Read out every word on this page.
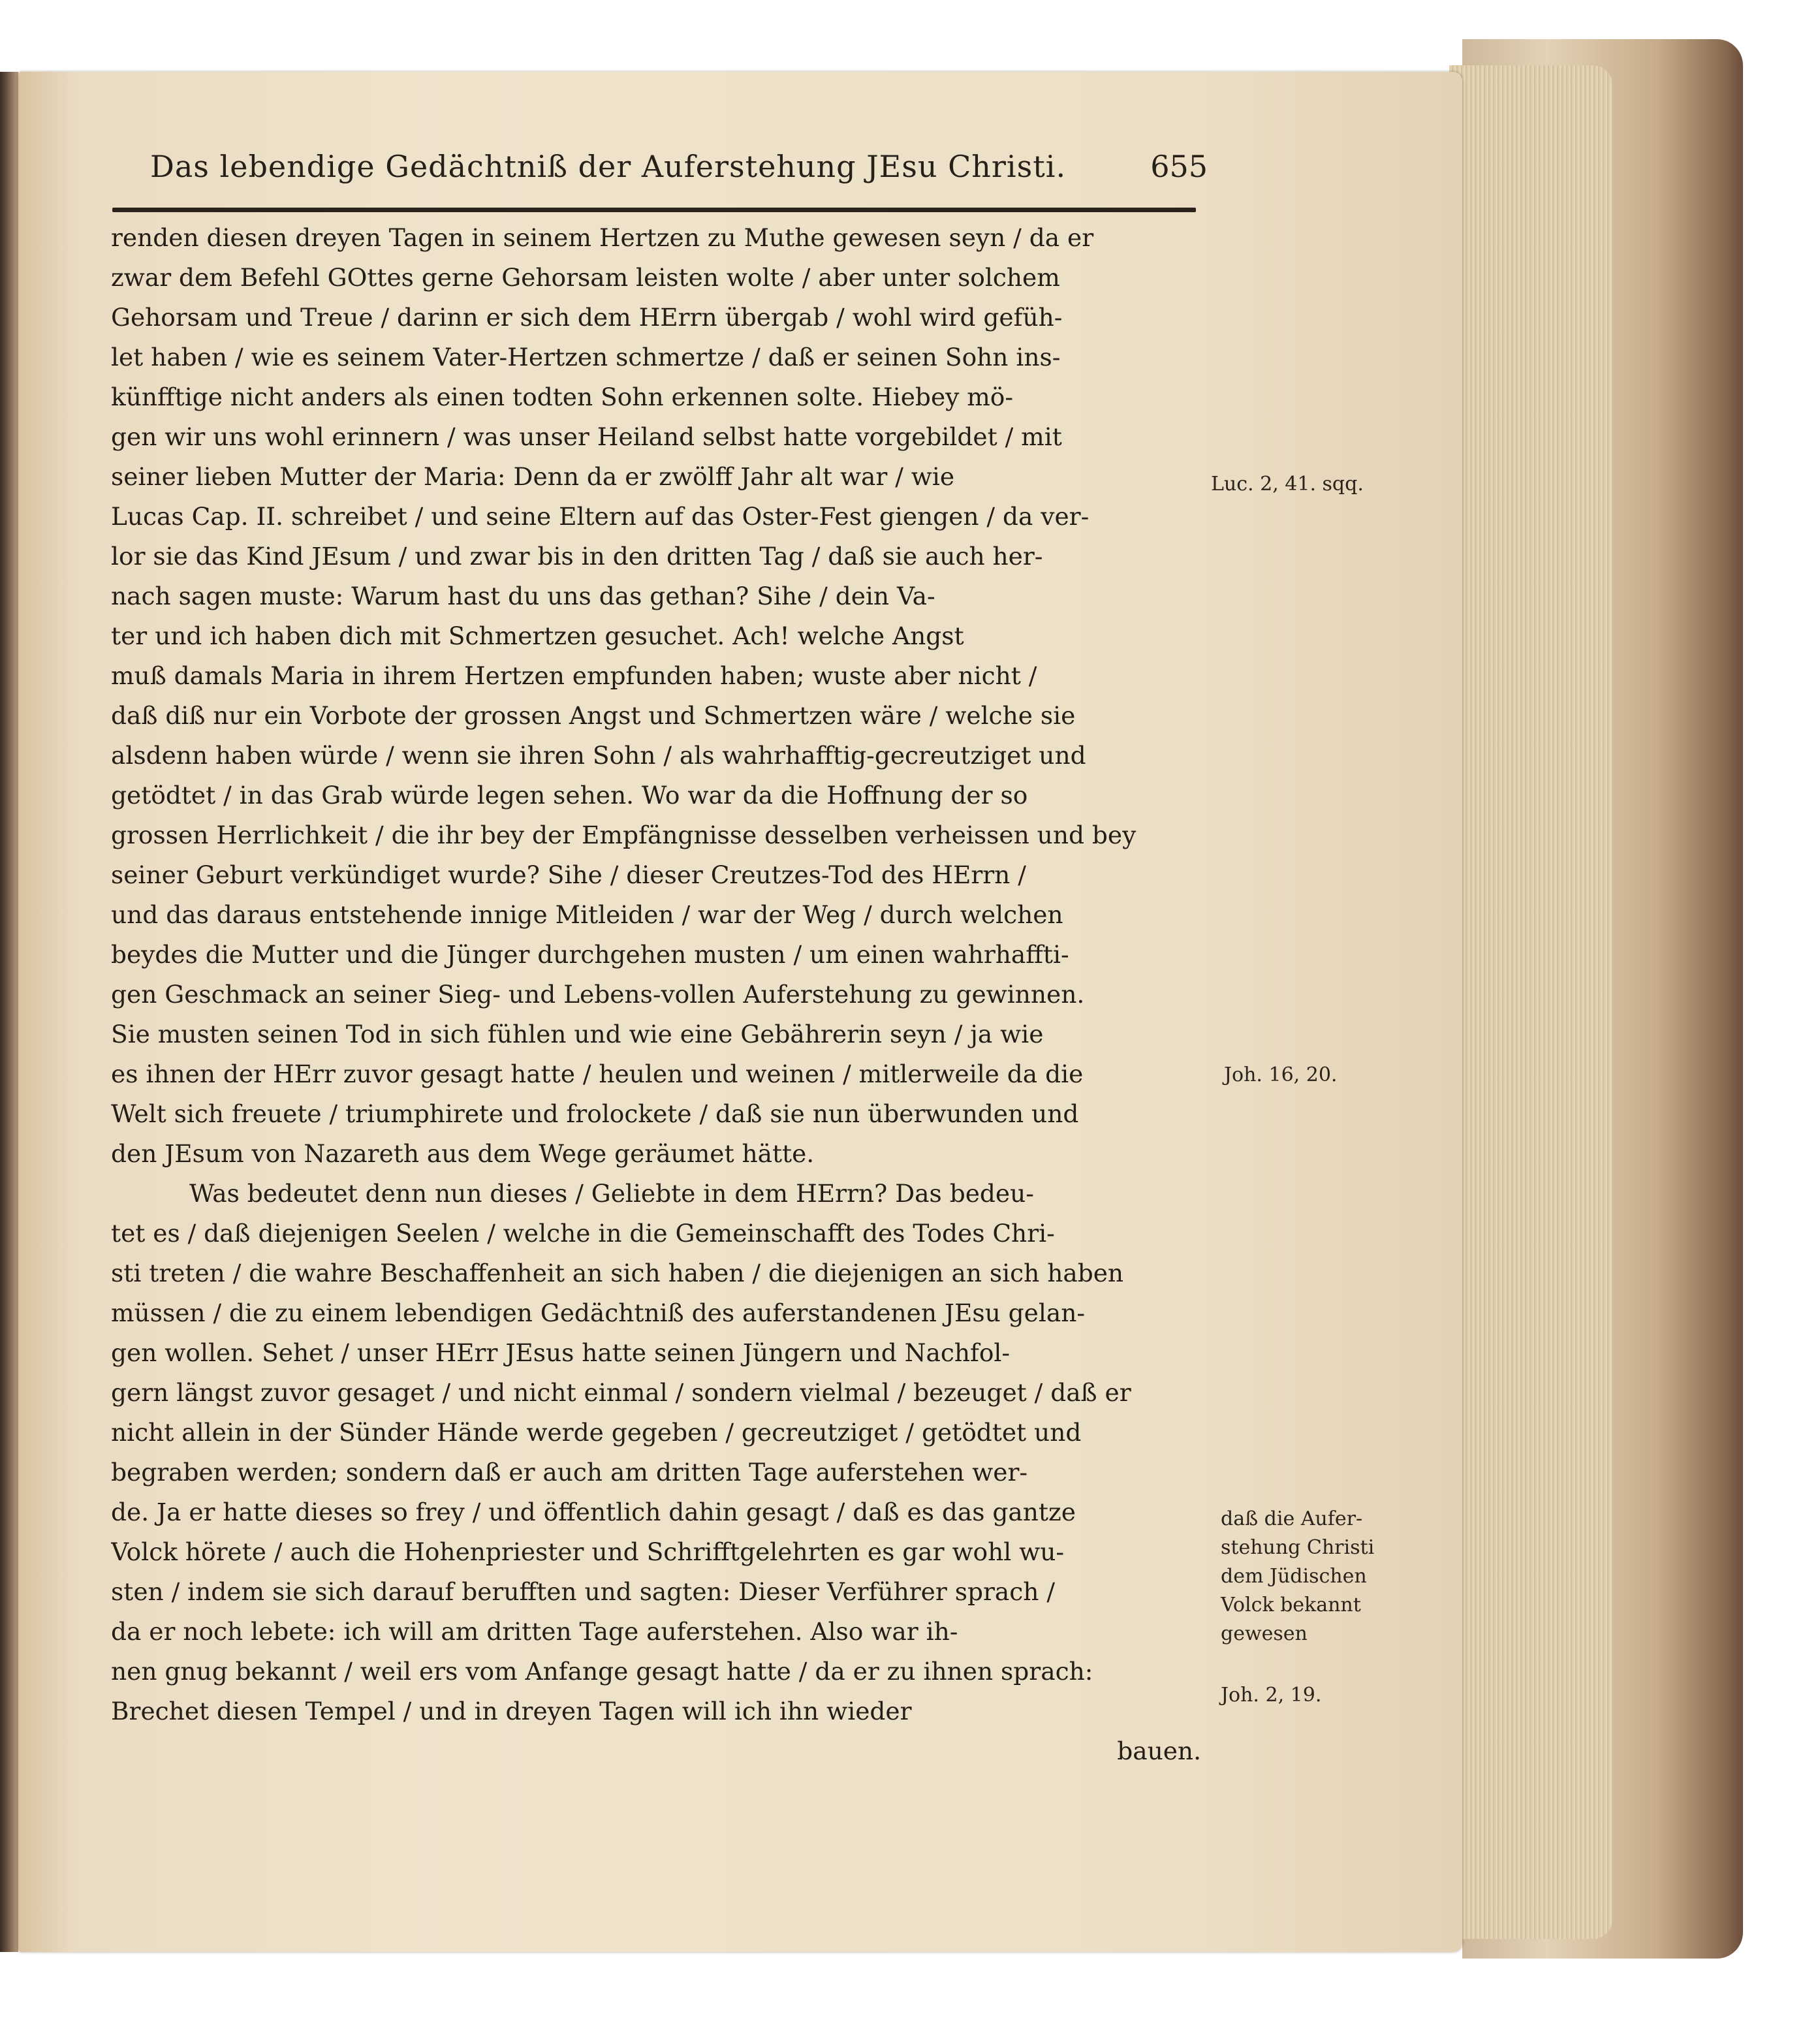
Das lebendige Gedächtniß der Auferstehung JEsu Christi.	655
renden diesen dreyen Tagen in seinem Hertzen zu Muthe gewesen seyn / da er
zwar dem Befehl GOttes gerne Gehorsam leisten wolte / aber unter solchem
Gehorsam und Treue / darinn er sich dem HErrn übergab / wohl wird gefüh-
let haben / wie es seinem Vater-Hertzen schmertze / daß er seinen Sohn ins-
künfftige nicht anders als einen todten Sohn erkennen solte. Hiebey mö-
gen wir uns wohl erinnern / was unser Heiland selbst hatte vorgebildet / mit
seiner lieben Mutter der Maria: Denn da er zwölff Jahr alt war / wie
Lucas Cap. II. schreibet / und seine Eltern auf das Oster-Fest giengen / da ver-
lor sie das Kind JEsum / und zwar bis in den dritten Tag / daß sie auch her-
nach sagen muste: Warum hast du uns das gethan? Sihe / dein Va-
ter und ich haben dich mit Schmertzen gesuchet. Ach! welche Angst
muß damals Maria in ihrem Hertzen empfunden haben; wuste aber nicht /
daß diß nur ein Vorbote der grossen Angst und Schmertzen wäre / welche sie
alsdenn haben würde / wenn sie ihren Sohn / als wahrhafftig-gecreutziget und
getödtet / in das Grab würde legen sehen. Wo war da die Hoffnung der so
grossen Herrlichkeit / die ihr bey der Empfängnisse desselben verheissen und bey
seiner Geburt verkündiget wurde? Sihe / dieser Creutzes-Tod des HErrn /
und das daraus entstehende innige Mitleiden / war der Weg / durch welchen
beydes die Mutter und die Jünger durchgehen musten / um einen wahrhaffti-
gen Geschmack an seiner Sieg- und Lebens-vollen Auferstehung zu gewinnen.
Sie musten seinen Tod in sich fühlen und wie eine Gebährerin seyn / ja wie
es ihnen der HErr zuvor gesagt hatte / heulen und weinen / mitlerweile da die
Welt sich freuete / triumphirete und frolockete / daß sie nun überwunden und
den JEsum von Nazareth aus dem Wege geräumet hätte.
Was bedeutet denn nun dieses / Geliebte in dem HErrn? Das bedeu-
tet es / daß diejenigen Seelen / welche in die Gemeinschafft des Todes Chri-
sti treten / die wahre Beschaffenheit an sich haben / die diejenigen an sich haben
müssen / die zu einem lebendigen Gedächtniß des auferstandenen JEsu gelan-
gen wollen. Sehet / unser HErr JEsus hatte seinen Jüngern und Nachfol-
gern längst zuvor gesaget / und nicht einmal / sondern vielmal / bezeuget / daß er
nicht allein in der Sünder Hände werde gegeben / gecreutziget / getödtet und
begraben werden; sondern daß er auch am dritten Tage auferstehen wer-
de. Ja er hatte dieses so frey / und öffentlich dahin gesagt / daß es das gantze
Volck hörete / auch die Hohenpriester und Schrifftgelehrten es gar wohl wu-
sten / indem sie sich darauf berufften und sagten: Dieser Verführer sprach /
da er noch lebete: ich will am dritten Tage auferstehen. Also war ih-
nen gnug bekannt / weil ers vom Anfange gesagt hatte / da er zu ihnen sprach:
Brechet diesen Tempel / und in dreyen Tagen will ich ihn wieder
bauen.
Luc. 2, 41. sqq.
Joh. 16, 20.
daß die Aufer-
stehung Christi
dem Jüdischen
Volck bekannt
gewesen
Joh. 2, 19.
